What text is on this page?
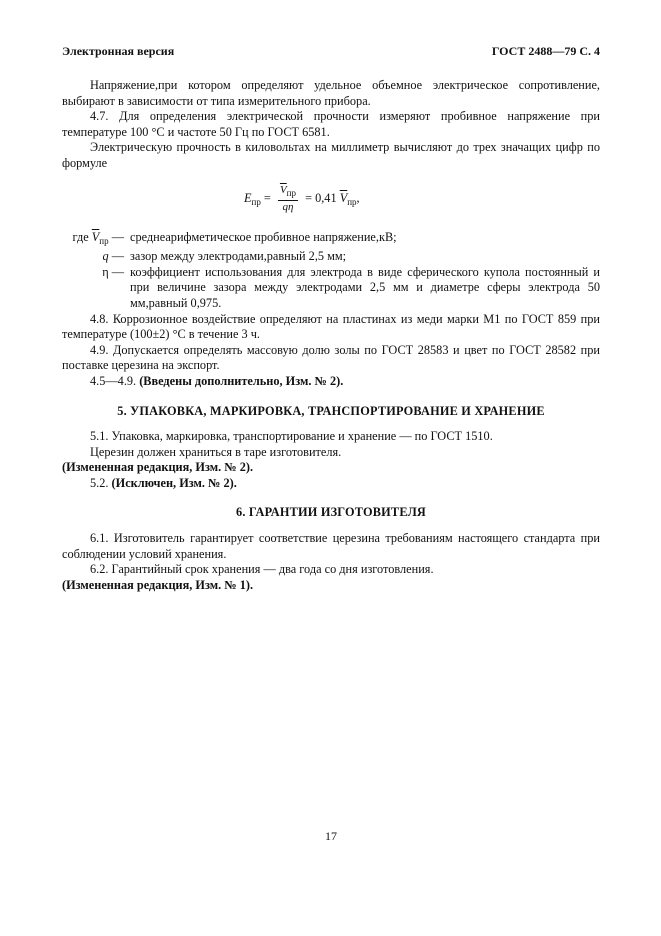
Электронная версия	ГОСТ 2488—79 С. 4

Напряжение,при котором определяют удельное объемное электрическое сопротивление, выбирают в зависимости от типа измерительного прибора.

4.7. Для определения электрической прочности измеряют пробивное напряжение при температуре 100 °С и частоте 50 Гц по ГОСТ 6581.

Электрическую прочность в киловольтах на миллиметр вычисляют до трех значащих цифр по формуле

$E_{пр} = \frac{\overline{V}_{пр}}{q\eta} = 0,41$ $\overline{V}_{пр}$,
где $\overline{V}_{пр}$ — среднеарифметическое пробивное напряжение,кВ;
q — зазор между электродами,равный 2,5 мм;
η — коэффициент использования для электрода в виде сферического купола постоянный и при величине зазора между электродами 2,5 мм и диаметре сферы электрода 50 мм,равный 0,975.

4.8. Коррозионное воздействие определяют на пластинах из меди марки М1 по ГОСТ 859 при температуре (100±2) °С в течение 3 ч.

4.9. Допускается определять массовую долю золы по ГОСТ 28583 и цвет по ГОСТ 28582 при поставке церезина на экспорт.

4.5—4.9. (Введены дополнительно, Изм. № 2).

5. УПАКОВКА, МАРКИРОВКА, ТРАНСПОРТИРОВАНИЕ И ХРАНЕНИЕ

5.1. Упаковка, маркировка, транспортирование и хранение — по ГОСТ 1510.

Церезин должен храниться в таре изготовителя.

(Измененная редакция, Изм. № 2).

5.2. (Исключен, Изм. № 2).

6. ГАРАНТИИ ИЗГОТОВИТЕЛЯ

6.1. Изготовитель гарантирует соответствие церезина требованиям настоящего стандарта при соблюдении условий хранения.

6.2. Гарантийный срок хранения — два года со дня изготовления.

(Измененная редакция, Изм. № 1).

17
